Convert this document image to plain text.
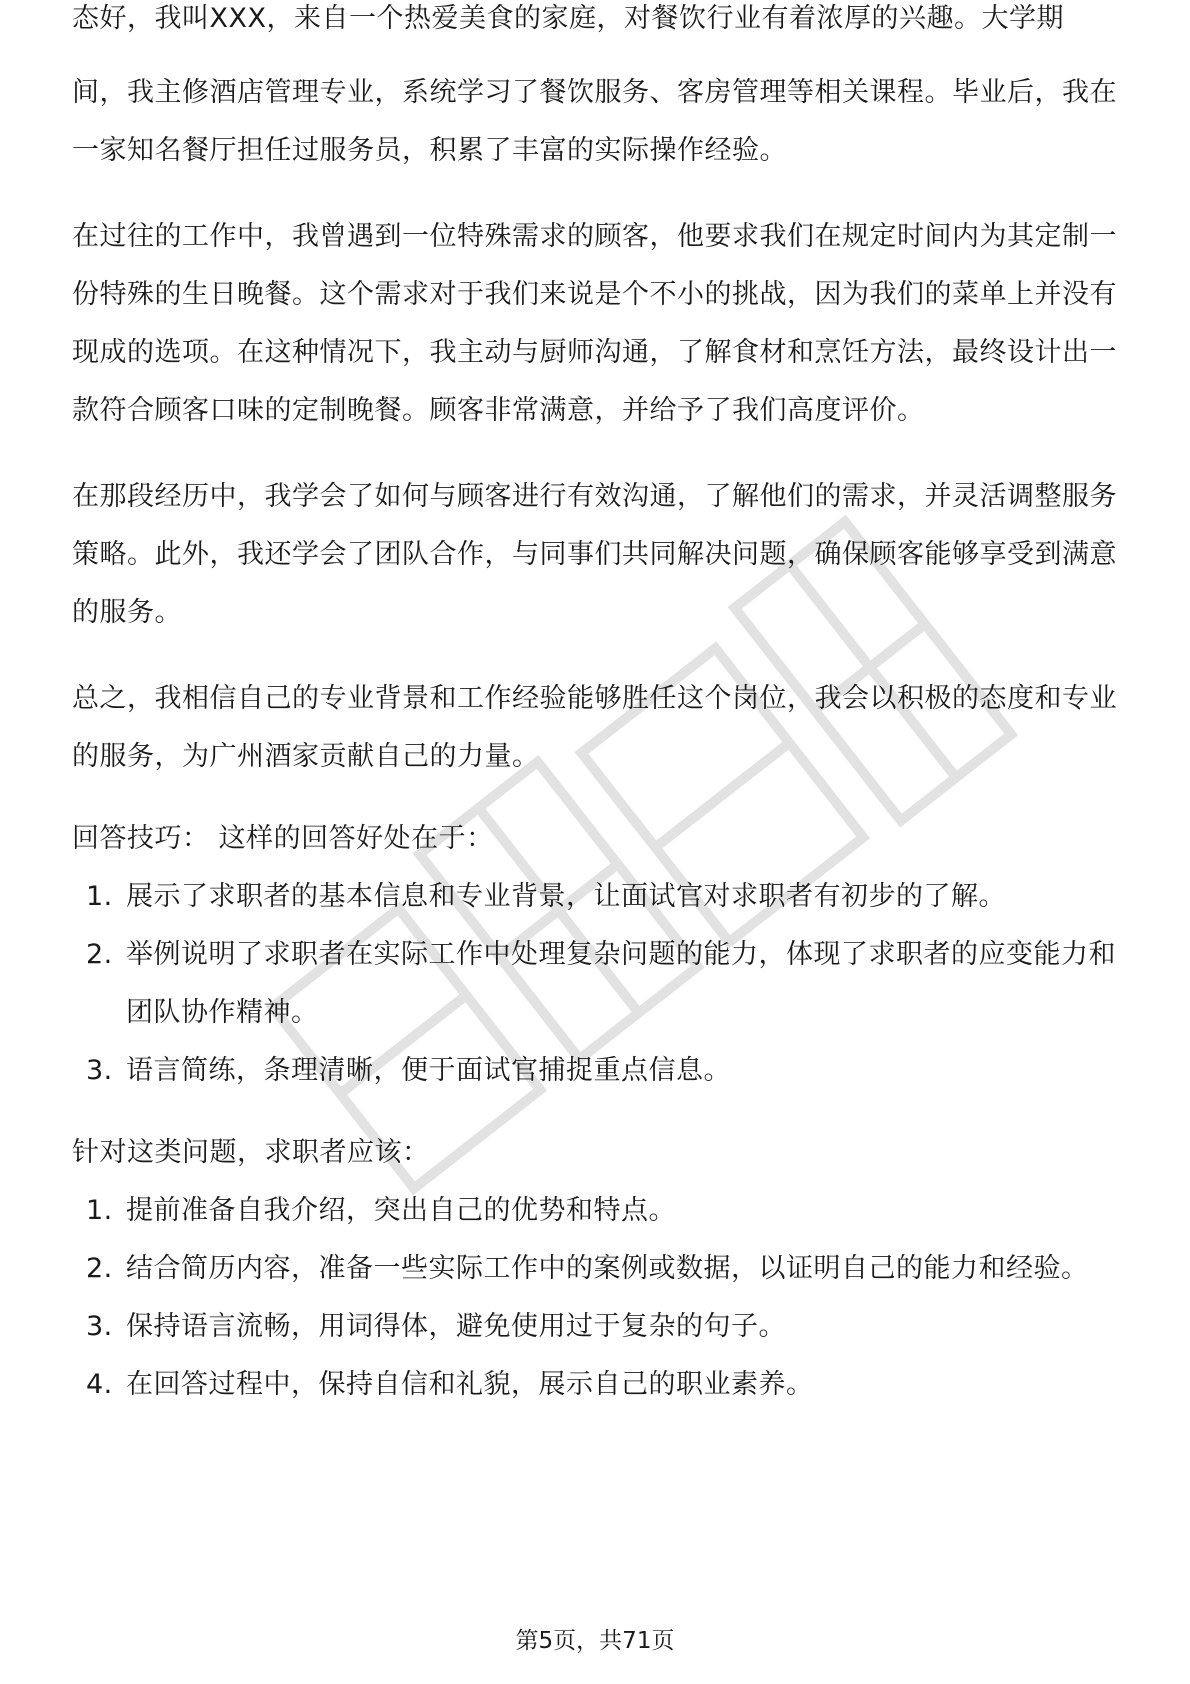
态好，我叫XXX，来自一个热爱美食的家庭，对餐饮行业有着浓厚的兴趣。大学期

间，我主修酒店管理专业，系统学习了餐饮服务、客房管理等相关课程。毕业后，我在一家知名餐厅担任过服务员，积累了丰富的实际操作经验。

在过往的工作中，我曾遇到一位特殊需求的顾客，他要求我们在规定时间内为其定制一份特殊的生日晚餐。这个需求对于我们来说是个不小的挑战，因为我们的菜单上并没有现成的选项。在这种情况下，我主动与厨师沟通，了解食材和烹饪方法，最终设计出一款符合顾客口味的定制晚餐。顾客非常满意，并给予了我们高度评价。

在那段经历中，我学会了如何与顾客进行有效沟通，了解他们的需求，并灵活调整服务策略。此外，我还学会了团队合作，与同事们共同解决问题，确保顾客能够享受到满意的服务。

总之，我相信自己的专业背景和工作经验能够胜任这个岗位，我会以积极的态度和专业的服务，为广州酒家贡献自己的力量。

回答技巧： 这样的回答好处在于：

1. 展示了求职者的基本信息和专业背景，让面试官对求职者有初步的了解。
2. 举例说明了求职者在实际工作中处理复杂问题的能力，体现了求职者的应变能力和团队协作精神。
3. 语言简练，条理清晰，便于面试官捕捉重点信息。

针对这类问题，求职者应该：

1. 提前准备自我介绍，突出自己的优势和特点。
2. 结合简历内容，准备一些实际工作中的案例或数据，以证明自己的能力和经验。
3. 保持语言流畅，用词得体，避免使用过于复杂的句子。
4. 在回答过程中，保持自信和礼貌，展示自己的职业素养。
第5页，共71页
